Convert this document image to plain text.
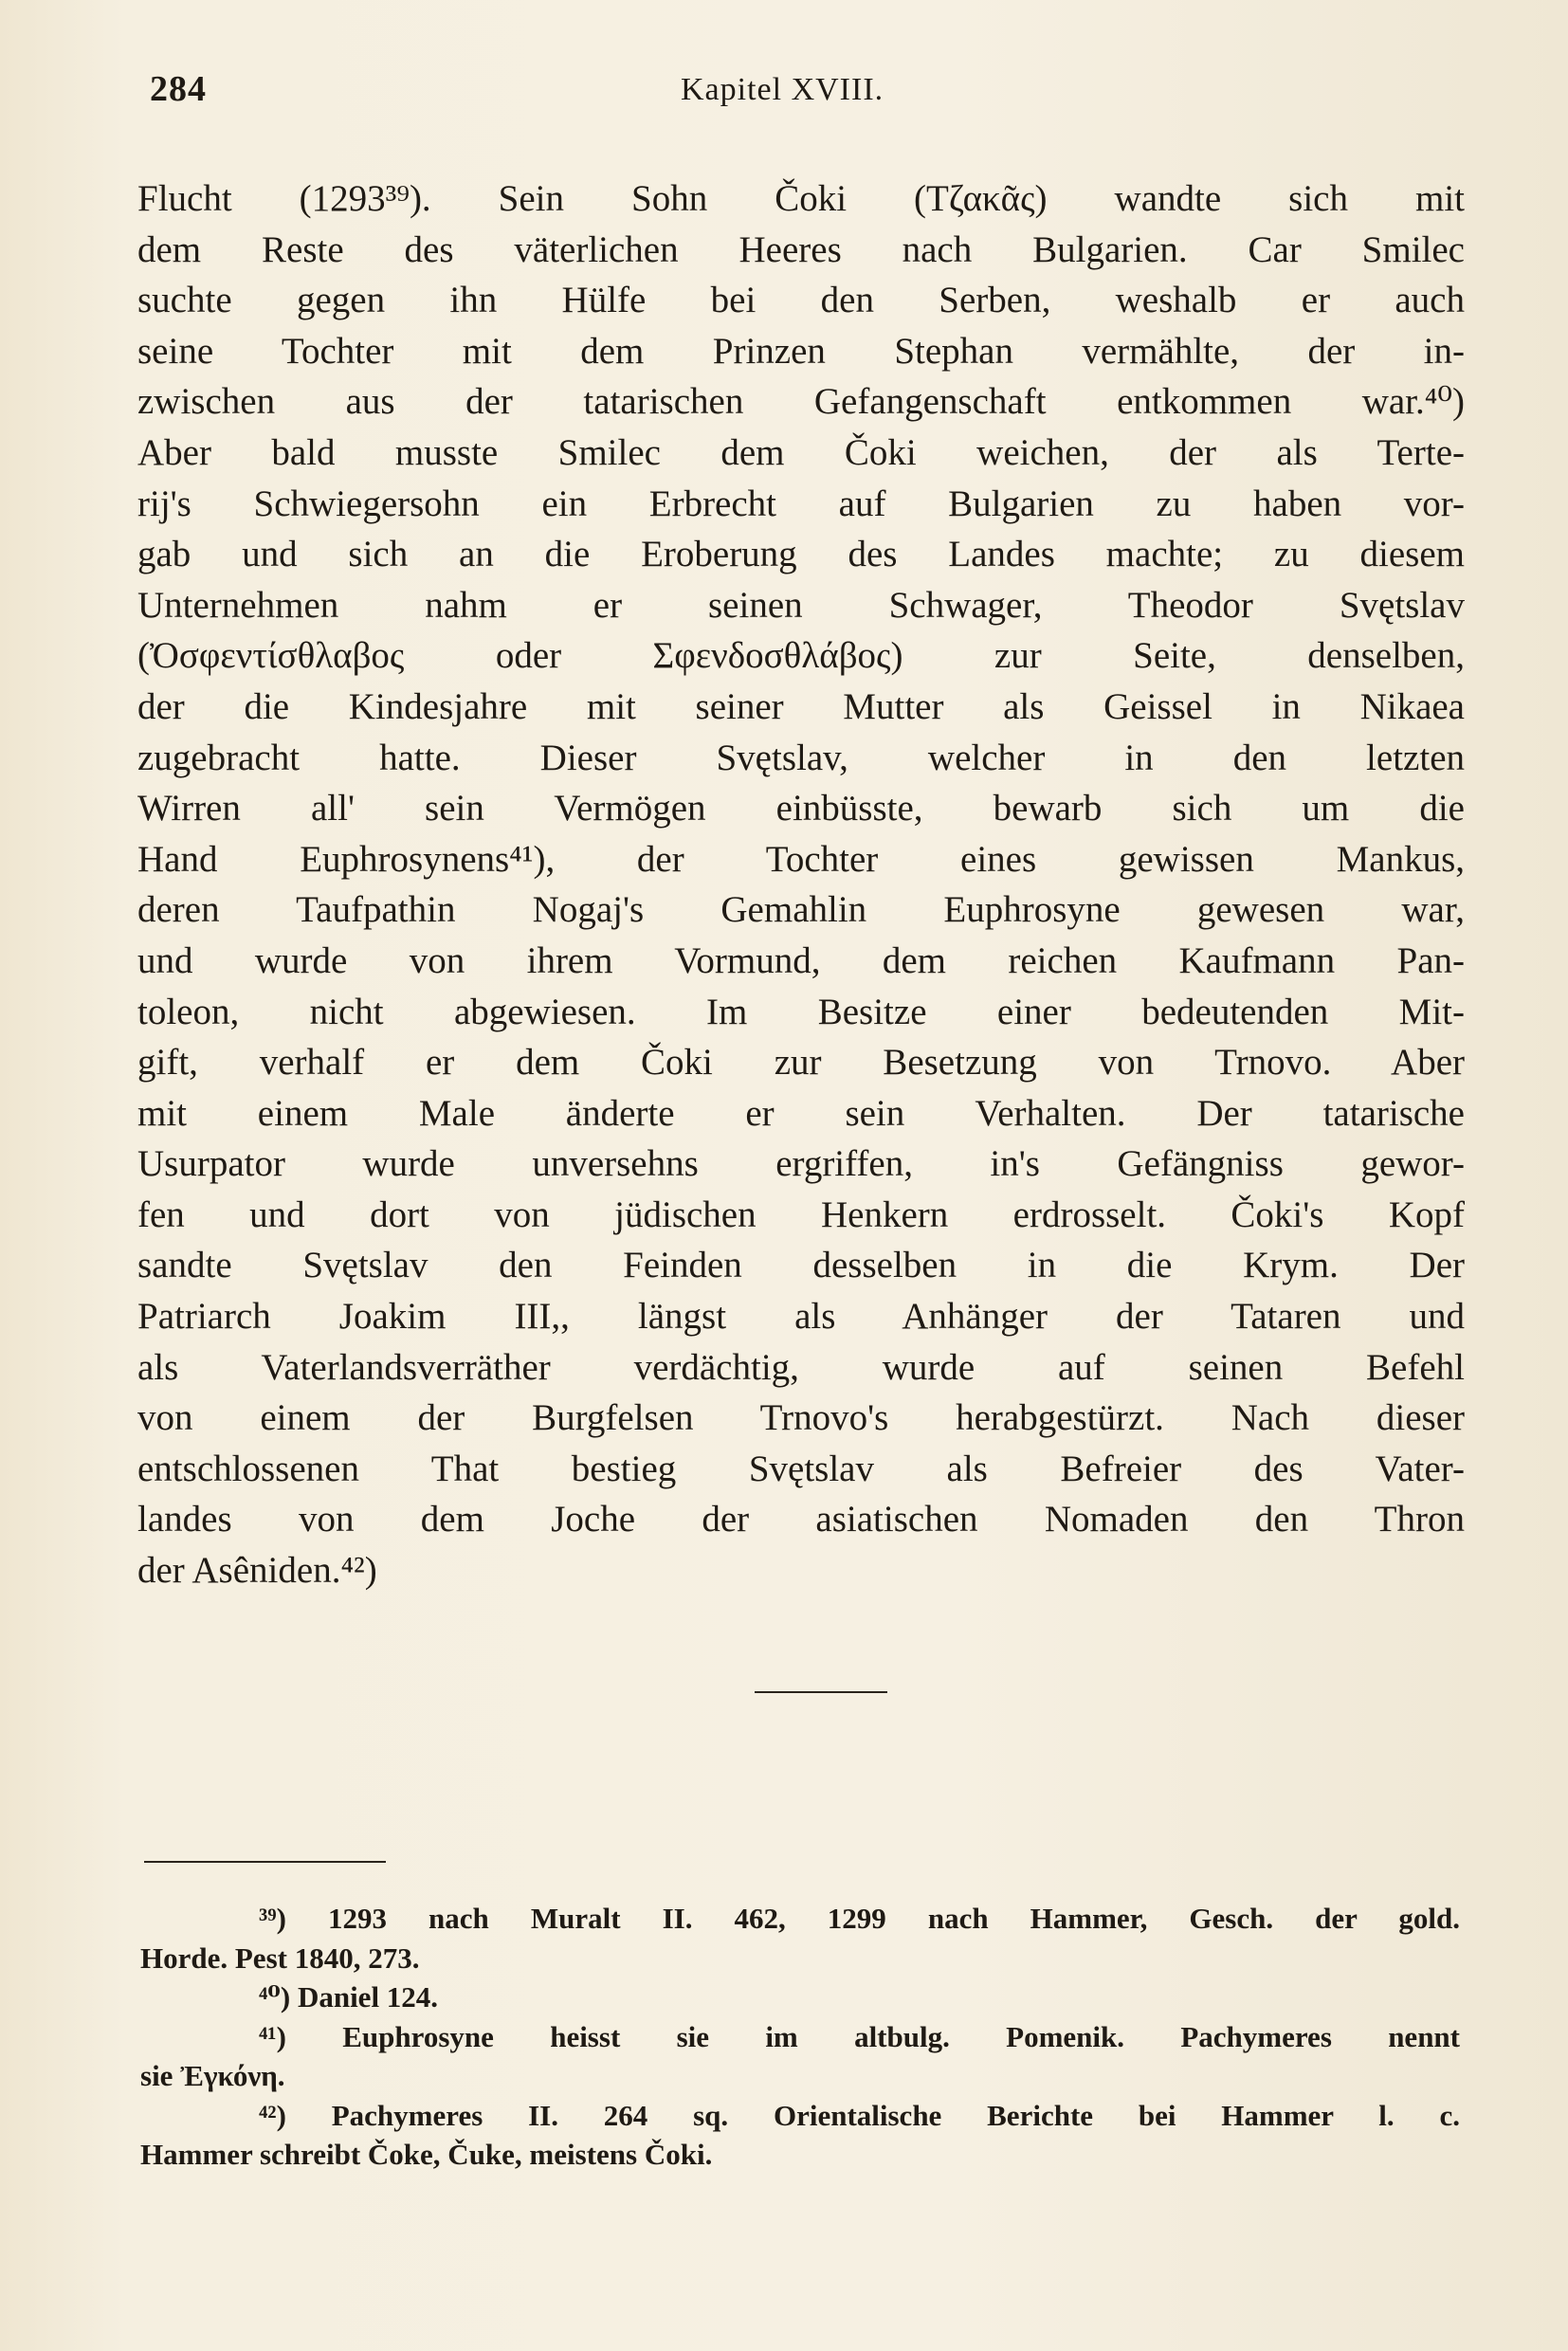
284	Kapitel XVIII.
Flucht (1293³⁹). Sein Sohn Čoki (Τζακᾶς) wandte sich mit
dem Reste des väterlichen Heeres nach Bulgarien. Car Smilec
suchte gegen ihn Hülfe bei den Serben, weshalb er auch
seine Tochter mit dem Prinzen Stephan vermählte, der in-
zwischen aus der tatarischen Gefangenschaft entkommen war.⁴⁰)
Aber bald musste Smilec dem Čoki weichen, der als Terte-
rij's Schwiegersohn ein Erbrecht auf Bulgarien zu haben vor-
gab und sich an die Eroberung des Landes machte; zu diesem
Unternehmen nahm er seinen Schwager, Theodor Svętslav
(Ὀσφεντίσθλαβος oder Σφενδοσθλάβος) zur Seite, denselben,
der die Kindesjahre mit seiner Mutter als Geissel in Nikaea
zugebracht hatte. Dieser Svętslav, welcher in den letzten
Wirren all' sein Vermögen einbüsste, bewarb sich um die
Hand Euphrosynens⁴¹), der Tochter eines gewissen Mankus,
deren Taufpathin Nogaj's Gemahlin Euphrosyne gewesen war,
und wurde von ihrem Vormund, dem reichen Kaufmann Pan-
toleon, nicht abgewiesen. Im Besitze einer bedeutenden Mit-
gift, verhalf er dem Čoki zur Besetzung von Trnovo. Aber
mit einem Male änderte er sein Verhalten. Der tatarische
Usurpator wurde unversehns ergriffen, in's Gefängniss gewor-
fen und dort von jüdischen Henkern erdrosselt. Čoki's Kopf
sandte Svętslav den Feinden desselben in die Krym. Der
Patriarch Joakim III,, längst als Anhänger der Tataren und
als Vaterlandsverräther verdächtig, wurde auf seinen Befehl
von einem der Burgfelsen Trnovo's herabgestürzt. Nach dieser
entschlossenen That bestieg Svętslav als Befreier des Vater-
landes von dem Joche der asiatischen Nomaden den Thron
der Asêniden.⁴²)
³⁹) 1293 nach Muralt II. 462, 1299 nach Hammer, Gesch. der gold.
Horde. Pest 1840, 273.
⁴⁰) Daniel 124.
⁴¹) Euphrosyne heisst sie im altbulg. Pomenik. Pachymeres nennt
sie Ἐγκόνη.
⁴²) Pachymeres II. 264 sq. Orientalische Berichte bei Hammer l. c.
Hammer schreibt Čoke, Čuke, meistens Čoki.
